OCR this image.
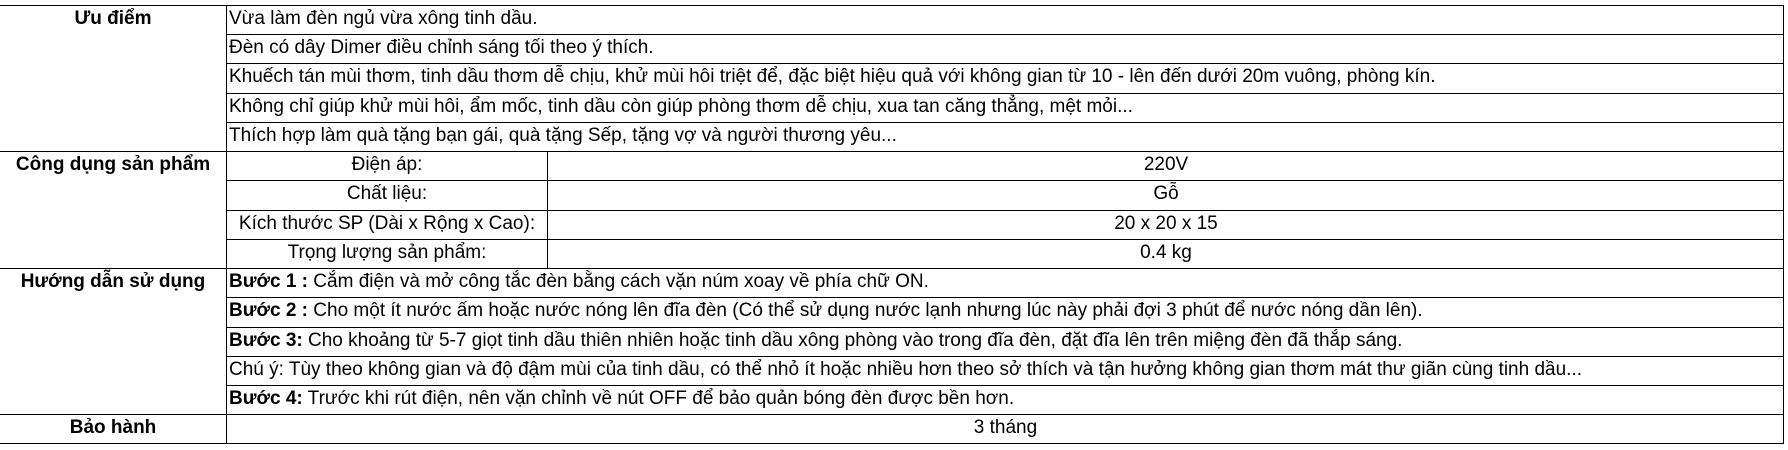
Ưu điểm	Vừa làm đèn ngủ vừa xông tinh dầu.
Đèn có dây Dimer điều chỉnh sáng tối theo ý thích.
Khuếch tán mùi thơm, tinh dầu thơm dễ chịu, khử mùi hôi triệt để, đặc biệt hiệu quả với không gian từ 10 - lên đến dưới 20m vuông, phòng kín.
Không chỉ giúp khử mùi hôi, ẩm mốc, tinh dầu còn giúp phòng thơm dễ chịu, xua tan căng thẳng, mệt mỏi...
Thích hợp làm quà tặng bạn gái, quà tặng Sếp, tặng vợ và người thương yêu...
Công dụng sản phẩm	Điện áp:	220V
Chất liệu:	Gỗ
Kích thước SP (Dài x Rộng x Cao):	20 x 20 x 15
Trọng lượng sản phẩm:	0.4 kg
Hướng dẫn sử dụng	Bước 1 : Cắm điện và mở công tắc đèn bằng cách vặn núm xoay về phía chữ ON.
Bước 2 : Cho một ít nước ấm hoặc nước nóng lên đĩa đèn (Có thể sử dụng nước lạnh nhưng lúc này phải đợi 3 phút để nước nóng dần lên).
Bước 3: Cho khoảng từ 5-7 giọt tinh dầu thiên nhiên hoặc tinh dầu xông phòng vào trong đĩa đèn, đặt đĩa lên trên miệng đèn đã thắp sáng.
Chú ý: Tùy theo không gian và độ đậm mùi của tinh dầu, có thể nhỏ ít hoặc nhiều hơn theo sở thích và tận hưởng không gian thơm mát thư giãn cùng tinh dầu...
Bước 4: Trước khi rút điện, nên vặn chỉnh về nút OFF để bảo quản bóng đèn được bền hơn.
Bảo hành	3 tháng
